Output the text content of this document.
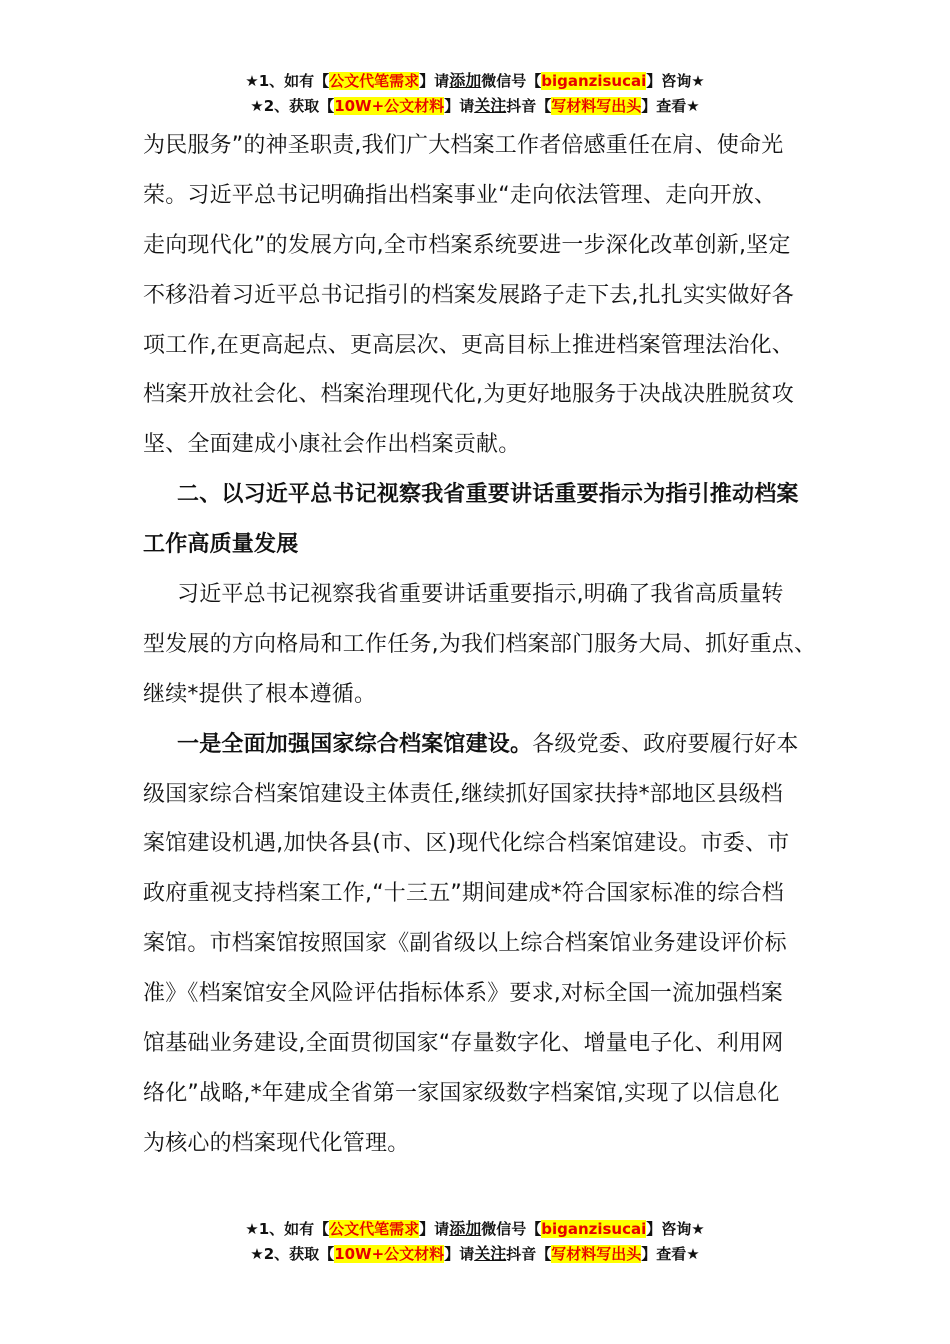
★1、如有【公文代笔需求】请添加微信号【biganzisucai】咨询★
★2、获取【10W+公文材料】请关注抖音【写材料写出头】查看★
为民服务”的神圣职责,我们广大档案工作者倍感重任在肩、使命光
荣。习近平总书记明确指出档案事业“走向依法管理、走向开放、
走向现代化”的发展方向,全市档案系统要进一步深化改革创新,坚定
不移沿着习近平总书记指引的档案发展路子走下去,扎扎实实做好各
项工作,在更高起点、更高层次、更高目标上推进档案管理法治化、
档案开放社会化、档案治理现代化,为更好地服务于决战决胜脱贫攻
坚、全面建成小康社会作出档案贡献。
二、以习近平总书记视察我省重要讲话重要指示为指引推动档案
工作高质量发展
习近平总书记视察我省重要讲话重要指示,明确了我省高质量转
型发展的方向格局和工作任务,为我们档案部门服务大局、抓好重点、
继续*提供了根本遵循。
一是全面加强国家综合档案馆建设。各级党委、政府要履行好本
级国家综合档案馆建设主体责任,继续抓好国家扶持*部地区县级档
案馆建设机遇,加快各县(市、区)现代化综合档案馆建设。市委、市
政府重视支持档案工作,“十三五”期间建成*符合国家标准的综合档
案馆。市档案馆按照国家《副省级以上综合档案馆业务建设评价标
准》《档案馆安全风险评估指标体系》要求,对标全国一流加强档案
馆基础业务建设,全面贯彻国家“存量数字化、增量电子化、利用网
络化”战略,*年建成全省第一家国家级数字档案馆,实现了以信息化
为核心的档案现代化管理。
★1、如有【公文代笔需求】请添加微信号【biganzisucai】咨询★
★2、获取【10W+公文材料】请关注抖音【写材料写出头】查看★
